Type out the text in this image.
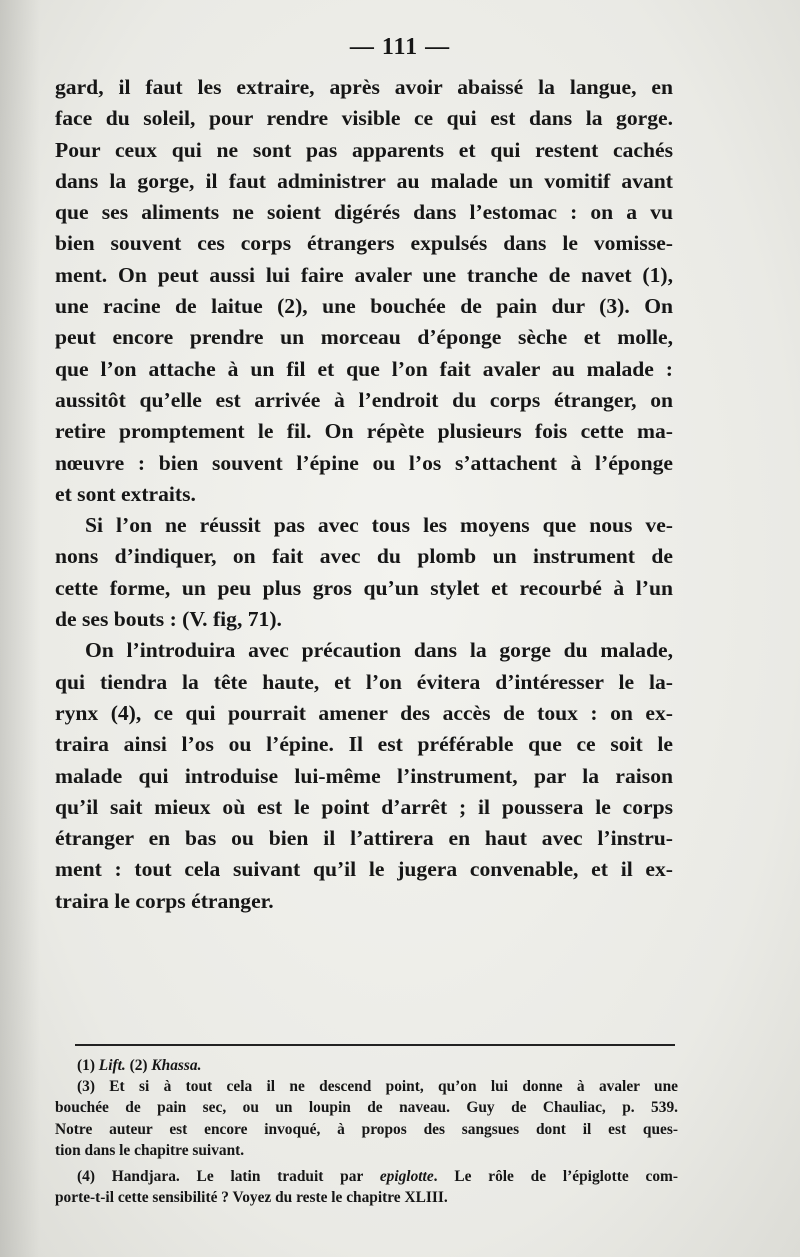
— 111 —
gard, il faut les extraire, après avoir abaissé la langue, en
face du soleil, pour rendre visible ce qui est dans la gorge.
Pour ceux qui ne sont pas apparents et qui restent cachés
dans la gorge, il faut administrer au malade un vomitif avant
que ses aliments ne soient digérés dans l’estomac : on a vu
bien souvent ces corps étrangers expulsés dans le vomisse-
ment. On peut aussi lui faire avaler une tranche de navet (1),
une racine de laitue (2), une bouchée de pain dur (3). On
peut encore prendre un morceau d’éponge sèche et molle,
que l’on attache à un fil et que l’on fait avaler au malade :
aussitôt qu’elle est arrivée à l’endroit du corps étranger, on
retire promptement le fil. On répète plusieurs fois cette ma-
nœuvre : bien souvent l’épine ou l’os s’attachent à l’éponge
et sont extraits.
Si l’on ne réussit pas avec tous les moyens que nous ve-
nons d’indiquer, on fait avec du plomb un instrument de
cette forme, un peu plus gros qu’un stylet et recourbé à l’un
de ses bouts : (V. fig, 71).
On l’introduira avec précaution dans la gorge du malade,
qui tiendra la tête haute, et l’on évitera d’intéresser le la-
rynx (4), ce qui pourrait amener des accès de toux : on ex-
traira ainsi l’os ou l’épine. Il est préférable que ce soit le
malade qui introduise lui-même l’instrument, par la raison
qu’il sait mieux où est le point d’arrêt ; il poussera le corps
étranger en bas ou bien il l’attirera en haut avec l’instru-
ment : tout cela suivant qu’il le jugera convenable, et il ex-
traira le corps étranger.
(1) Lift. (2) Khassa.
(3) Et si à tout cela il ne descend point, qu’on lui donne à avaler une
bouchée de pain sec, ou un loupin de naveau. Guy de Chauliac, p. 539.
Notre auteur est encore invoqué, à propos des sangsues dont il est ques-
tion dans le chapitre suivant.
(4) Handjara. Le latin traduit par epiglotte. Le rôle de l’épiglotte com-
porte-t-il cette sensibilité ? Voyez du reste le chapitre XLIII.
